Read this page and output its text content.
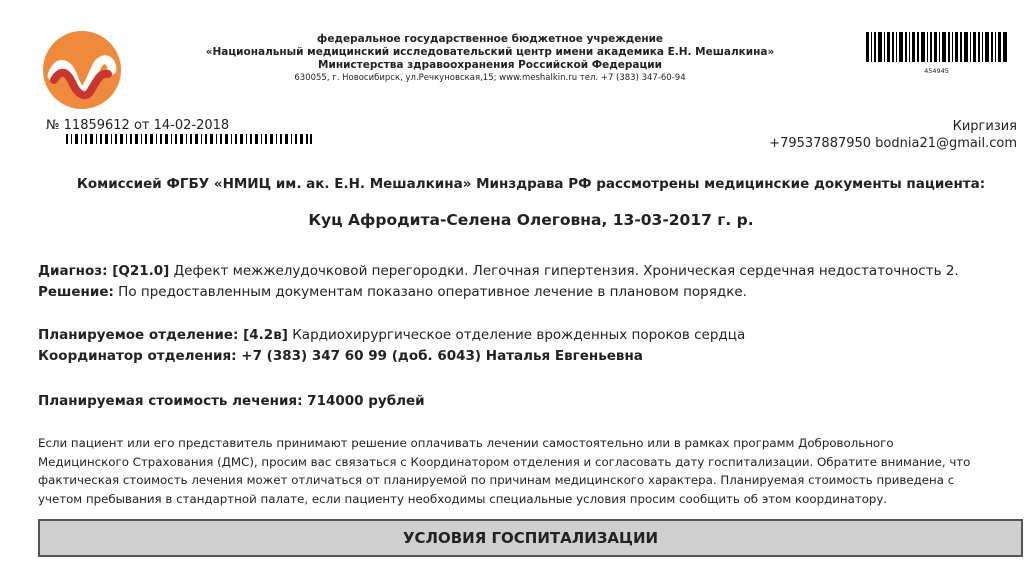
федеральное государственное бюджетное учреждение
«Национальный медицинский исследовательский центр имени академика Е.Н. Мешалкина»
Министерства здравоохранения Российской Федерации
630055, г. Новосибирск, ул.Речкуновская,15; www.meshalkin.ru тел. +7 (383) 347-60-94
454945
№ 11859612 от 14-02-2018	Киргизия
+79537887950 bodnia21@gmail.com
Комиссией ФГБУ «НМИЦ им. ак. Е.Н. Мешалкина» Минздрава РФ рассмотрены медицинские документы пациента:
Куц Афродита-Селена Олеговна, 13-03-2017 г. р.
Диагноз: [Q21.0] Дефект межжелудочковой перегородки. Легочная гипертензия. Хроническая сердечная недостаточность 2.
Решение: По предоставленным документам показано оперативное лечение в плановом порядке.
Планируемое отделение: [4.2в] Кардиохирургическое отделение врожденных пороков сердца
Координатор отделения: +7 (383) 347 60 99 (доб. 6043) Наталья Евгеньевна
Планируемая стоимость лечения: 714000 рублей
Если пациент или его представитель принимают решение оплачивать лечении самостоятельно или в рамках программ Добровольного
Медицинского Страхования (ДМС), просим вас связаться с Координатором отделения и согласовать дату госпитализации. Обратите внимание, что
фактическая стоимость лечения может отличаться от планируемой по причинам медицинского характера. Планируемая стоимость приведена с
учетом пребывания в стандартной палате, если пациенту необходимы специальные условия просим сообщить об этом координатору.
УСЛОВИЯ ГОСПИТАЛИЗАЦИИ
